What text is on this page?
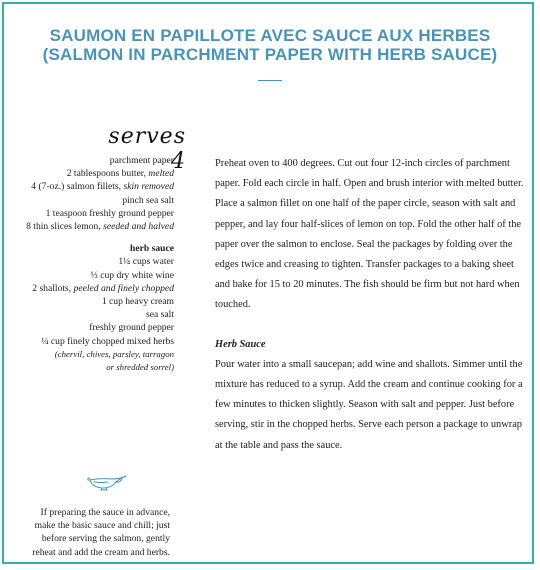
SAUMON EN PAPILLOTE AVEC SAUCE AUX HERBES
(SALMON IN PARCHMENT PAPER WITH HERB SAUCE)
serves 4
parchment paper
2 tablespoons butter, melted
4 (7-oz.) salmon fillets, skin removed
pinch sea salt
1 teaspoon freshly ground pepper
8 thin slices lemon, seeded and halved
herb sauce
1¼ cups water
⅓ cup dry white wine
2 shallots, peeled and finely chopped
1 cup heavy cream
sea salt
freshly ground pepper
¼ cup finely chopped mixed herbs
(chervil, chives, parsley, tarragon
or shredded sorrel)
If preparing the sauce in advance,
make the basic sauce and chill; just
before serving the salmon, gently
reheat and add the cream and herbs.

Preheat oven to 400 degrees. Cut out four 12-inch circles of parchment paper. Fold each circle in half. Open and brush interior with melted butter. Place a salmon fillet on one half of the paper circle, season with salt and pepper, and lay four half-slices of lemon on top. Fold the other half of the paper over the salmon to enclose. Seal the packages by folding over the edges twice and creasing to tighten. Transfer packages to a baking sheet and bake for 15 to 20 minutes. The fish should be firm but not hard when touched.

Herb Sauce

Pour water into a small saucepan; add wine and shallots. Simmer until the mixture has reduced to a syrup. Add the cream and continue cooking for a few minutes to thicken slightly. Season with salt and pepper. Just before serving, stir in the chopped herbs. Serve each person a package to unwrap at the table and pass the sauce.
